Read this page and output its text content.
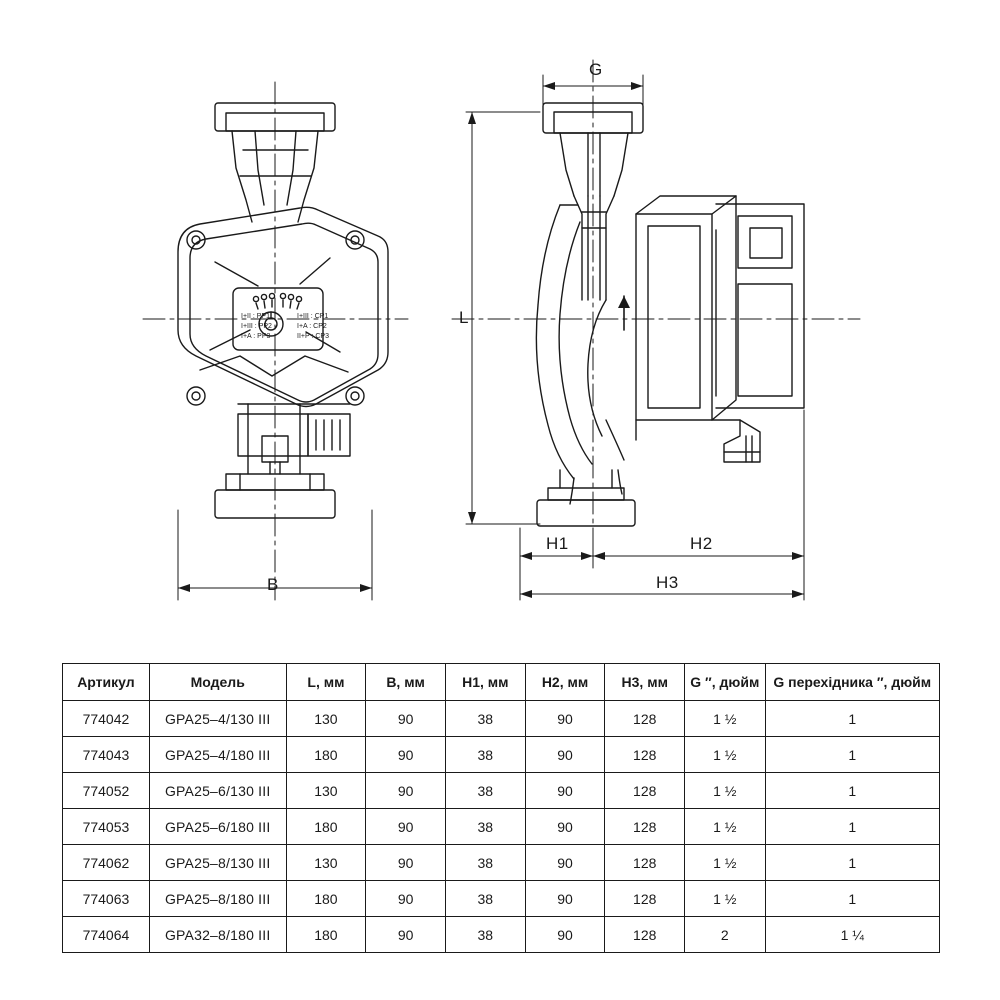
B
G
L
H1	H2
H3
I+II : PP1
I+III : PP2
I+A : PP3
I+III : CP1
I+A : CP2
II+P : CP3
Артикул	Модель	L, мм	B, мм	H1, мм	H2, мм	H3, мм	G ″, дюйм	G перехідника ″, дюйм
774042	GPA25–4/130 III	130	90	38	90	128	1 ½	1
774043	GPA25–4/180 III	180	90	38	90	128	1 ½	1
774052	GPA25–6/130 III	130	90	38	90	128	1 ½	1
774053	GPA25–6/180 III	180	90	38	90	128	1 ½	1
774062	GPA25–8/130 III	130	90	38	90	128	1 ½	1
774063	GPA25–8/180 III	180	90	38	90	128	1 ½	1
774064	GPA32–8/180 III	180	90	38	90	128	2	1 ¼
